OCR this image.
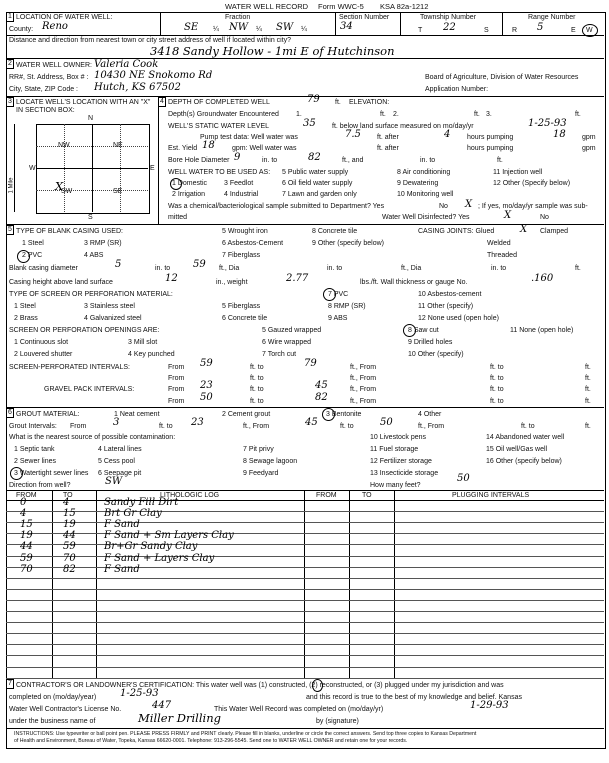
WATER WELL RECORD Form WWC-5 KSA 82a-1212
1 LOCATION OF WATER WELL:
County: Reno
Fraction
SE ¼ NW ¼ SW ¼
Section Number
34
Township Number
T 22	S
Range Number
R 5	E W
Distance and direction from nearest town or city street address of well if located within city?
3418 Sandy Hollow - 1mi E of Hutchinson
2 WATER WELL OWNER: Valeria Cook
RR#, St. Address, Box # : 10430 NE Snokomo Rd
City, State, ZIP Code : Hutch, KS 67502
Board of Agriculture, Division of Water Resources
Application Number:
3 LOCATE WELL'S LOCATION WITH AN "X" IN SECTION BOX:
N
NW	NE
SW	SE
X
W	E
S
1 Mile
4 DEPTH OF COMPLETED WELL	79 ft. ELEVATION:
Depth(s) Groundwater Encountered 1.	ft. 2.	ft. 3.	ft.
WELL'S STATIC WATER LEVEL	35 ft. below land surface measured on mo/day/yr	1-25-93
Pump test data: Well water was	7.5 ft. after	4 hours pumping	18 gpm
Est. Yield 18 gpm: Well water was	ft. after	hours pumping	gpm
Bore Hole Diameter 9	in. to	82	ft., and	in. to	ft.
WELL WATER TO BE USED AS: 5 Public water supply	8 Air conditioning	11 Injection well
1 Domestic 3 Feedlot	6 Oil field water supply	9 Dewatering	12 Other (Specify below)
2 Irrigation	4 Industrial	7 Lawn and garden only	10 Monitoring well
Was a chemical/bacteriological sample submitted to Department? Yes	No X ; If yes, mo/day/yr sample was sub-
mitted	Water Well Disinfected? Yes	X	No
5 TYPE OF BLANK CASING USED:	5 Wrought iron	8 Concrete tile	CASING JOINTS: Glued	X Clamped
1 Steel	3 RMP (SR)	6 Asbestos-Cement	9 Other (specify below)	Welded
2 PVC	4 ABS	7 Fiberglass	Threaded
Blank casing diameter	5	in. to 59 ft., Dia	in. to	ft., Dia	in. to	ft.
Casing height above land surface	12	in., weight	2.77	lbs./ft. Wall thickness or gauge No.	.160
TYPE OF SCREEN OR PERFORATION MATERIAL:	7 PVC	10 Asbestos-cement
1 Steel	3 Stainless steel	5 Fiberglass	8 RMP (SR)	11 Other (specify)
2 Brass	4 Galvanized steel	6 Concrete tile	9 ABS	12 None used (open hole)
SCREEN OR PERFORATION OPENINGS ARE:	5 Gauzed wrapped	8 Saw cut	11 None (open hole)
1 Continuous slot	3 Mill slot	6 Wire wrapped	9 Drilled holes
2 Louvered shutter	4 Key punched	7 Torch cut	10 Other (specify)
SCREEN-PERFORATED INTERVALS:	From 59	ft. to	79	ft., From	ft. to	ft.
From	ft. to	ft., From	ft. to	ft.
GRAVEL PACK INTERVALS:	From 23	ft. to	45	ft., From	ft. to	ft.
From 50	ft. to	82	ft., From	ft. to	ft.
6 GROUT MATERIAL:	1 Neat cement	2 Cement grout	3 Bentonite	4 Other
Grout Intervals: From	3	ft. to 23	ft., From	45	ft. to	50	ft., From	ft. to	ft.
What is the nearest source of possible contamination:	10 Livestock pens	14 Abandoned water well
1 Septic tank	4 Lateral lines	7 Pit privy	11 Fuel storage	15 Oil well/Gas well
2 Sewer lines	5 Cess pool	8 Sewage lagoon	12 Fertilizer storage	16 Other (specify below)
3 Watertight sewer lines 6 Seepage pit	9 Feedyard	13 Insecticide storage
Direction from well?	SW	How many feet?
50
FROM	TO	LITHOLOGIC LOG	FROM	TO	PLUGGING INTERVALS
0	4	Sandy Fill Dirt
4	15	Brt Gr Clay
15	19	F Sand
19	44	F Sand + Sm Layers Clay
44	59	Br+Gr Sandy Clay
59	70	F Sand + Layers Clay
70	82	F Sand
7 CONTRACTOR'S OR LANDOWNER'S CERTIFICATION: This water well was (1) constructed, (2) reconstructed, or (3) plugged under my jurisdiction and was
completed on (mo/day/year) 1-25-93	and this record is true to the best of my knowledge and belief. Kansas
Water Well Contractor's License No.	447	This Water Well Record was completed on (mo/day/yr)	1-29-93
under the business name of	Miller Drilling	by (signature)
INSTRUCTIONS: Use typewriter or ball point pen. PLEASE PRESS FIRMLY and PRINT clearly. Please fill in blanks, underline or circle the correct answers. Send top three copies to Kansas Department
of Health and Environment, Bureau of Water, Topeka, Kansas 66620-0001. Telephone: 913-296-5545. Send one to WATER WELL OWNER and retain one for your records.
